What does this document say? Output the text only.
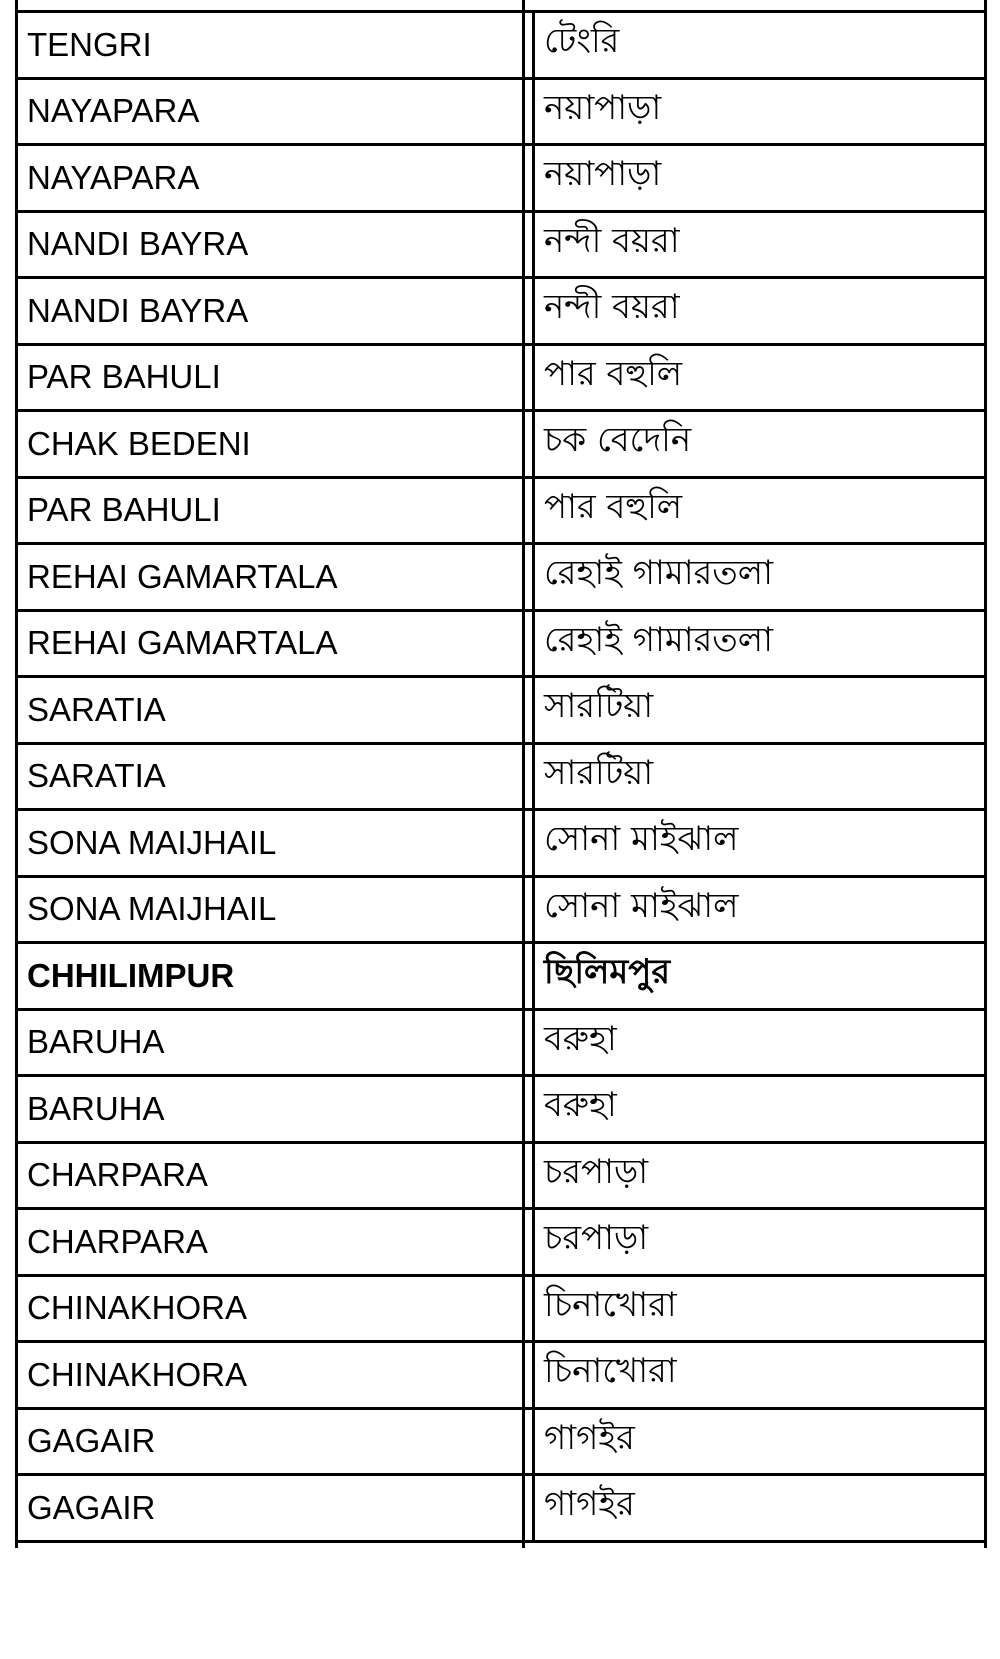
TENGRI	টেংরি
NAYAPARA	নয়াপাড়া
NAYAPARA	নয়াপাড়া
NANDI BAYRA	নন্দী বয়রা
NANDI BAYRA	নন্দী বয়রা
PAR BAHULI	পার বহুলি
CHAK BEDENI	চক বেদেনি
PAR BAHULI	পার বহুলি
REHAI GAMARTALA	রেহাই গামারতলা
REHAI GAMARTALA	রেহাই গামারতলা
SARATIA	সারটিয়া
SARATIA	সারটিয়া
SONA MAIJHAIL	সোনা মাইঝাল
SONA MAIJHAIL	সোনা মাইঝাল
CHHILIMPUR	ছিলিমপুর
BARUHA	বরুহা
BARUHA	বরুহা
CHARPARA	চরপাড়া
CHARPARA	চরপাড়া
CHINAKHORA	চিনাখোরা
CHINAKHORA	চিনাখোরা
GAGAIR	গাগইর
GAGAIR	গাগইর
